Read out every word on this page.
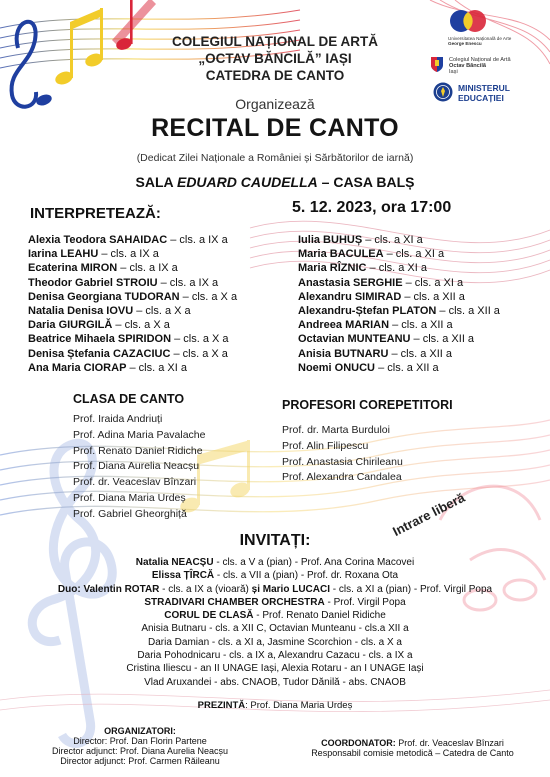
COLEGIUL NAȚIONAL DE ARTĂ
„OCTAV BĂNCILĂ” IAȘI
CATEDRA DE CANTO
Universitatea Națională de Arte
George Enescu
Colegiul Național de Artă
Octav Băncilă
Iași
MINISTERUL
EDUCAȚIEI
Organizează
RECITAL DE CANTO
(Dedicat Zilei Naționale a României și Sărbătorilor de iarnă)
SALA EDUARD CAUDELLA – CASA BALȘ
INTERPRETEAZĂ:	5. 12. 2023, ora 17:00
Alexia Teodora SAHAIDAC – cls. a IX a
Iarina LEAHU – cls. a IX a
Ecaterina MIRON – cls. a IX a
Theodor Gabriel STROIU – cls. a IX a
Denisa Georgiana TUDORAN – cls. a X a
Natalia Denisa IOVU – cls. a X a
Daria GIURGILĂ – cls. a X a
Beatrice Mihaela SPIRIDON – cls. a X a
Denisa Ștefania CAZACIUC – cls. a X a
Ana Maria CIORAP – cls. a XI a
Iulia BUHUȘ – cls. a XI a
Maria BACULEA – cls. a XI a
Maria RÎZNIC – cls. a XI a
Anastasia SERGHIE – cls. a XI a
Alexandru SIMIRAD – cls. a XII a
Alexandru-Ștefan PLATON – cls. a XII a
Andreea MARIAN – cls. a XII a
Octavian MUNTEANU – cls. a XII a
Anisia BUTNARU – cls. a XII a
Noemi ONUCU – cls. a XII a
CLASA DE CANTO
Prof. Iraida Andriuți
Prof. Adina Maria Pavalache
Prof. Renato Daniel Ridiche
Prof. Diana Aurelia Neacșu
Prof. dr. Veaceslav Bînzari
Prof. Diana Maria Urdeș
Prof. Gabriel Gheorghiță
PROFESORI COREPETITORI
Prof. dr. Marta Burduloi
Prof. Alin Filipescu
Prof. Anastasia Chirileanu
Prof. Alexandra Candalea
Intrare liberă
INVITAȚI:
Natalia NEACȘU - cls. a V a (pian) - Prof. Ana Corina Macovei
Elissa ȚÎRCĂ - cls. a VII a (pian) - Prof. dr. Roxana Ota
Duo: Valentin ROTAR - cls. a IX a (vioară) și Mario LUCACI - cls. a XI a (pian) - Prof. Virgil Popa
STRADIVARI CHAMBER ORCHESTRA - Prof. Virgil Popa
CORUL DE CLASĂ - Prof. Renato Daniel Ridiche
Anisia Butnaru - cls. a XII C, Octavian Munteanu - cls.a XII a
Daria Damian - cls. a XI a, Jasmine Scorchion - cls. a X a
Daria Pohodnicaru - cls. a IX a, Alexandru Cazacu - cls. a IX a
Cristina Iliescu - an II UNAGE Iași, Alexia Rotaru - an I UNAGE Iași
Vlad Aruxandei - abs. CNAOB, Tudor Dănilă - abs. CNAOB
PREZINTĂ: Prof. Diana Maria Urdeș
ORGANIZATORI:
Director: Prof. Dan Florin Partene
Director adjunct: Prof. Diana Aurelia Neacșu
Director adjunct: Prof. Carmen Răileanu
COORDONATOR: Prof. dr. Veaceslav Bînzari
Responsabil comisie metodică – Catedra de Canto
